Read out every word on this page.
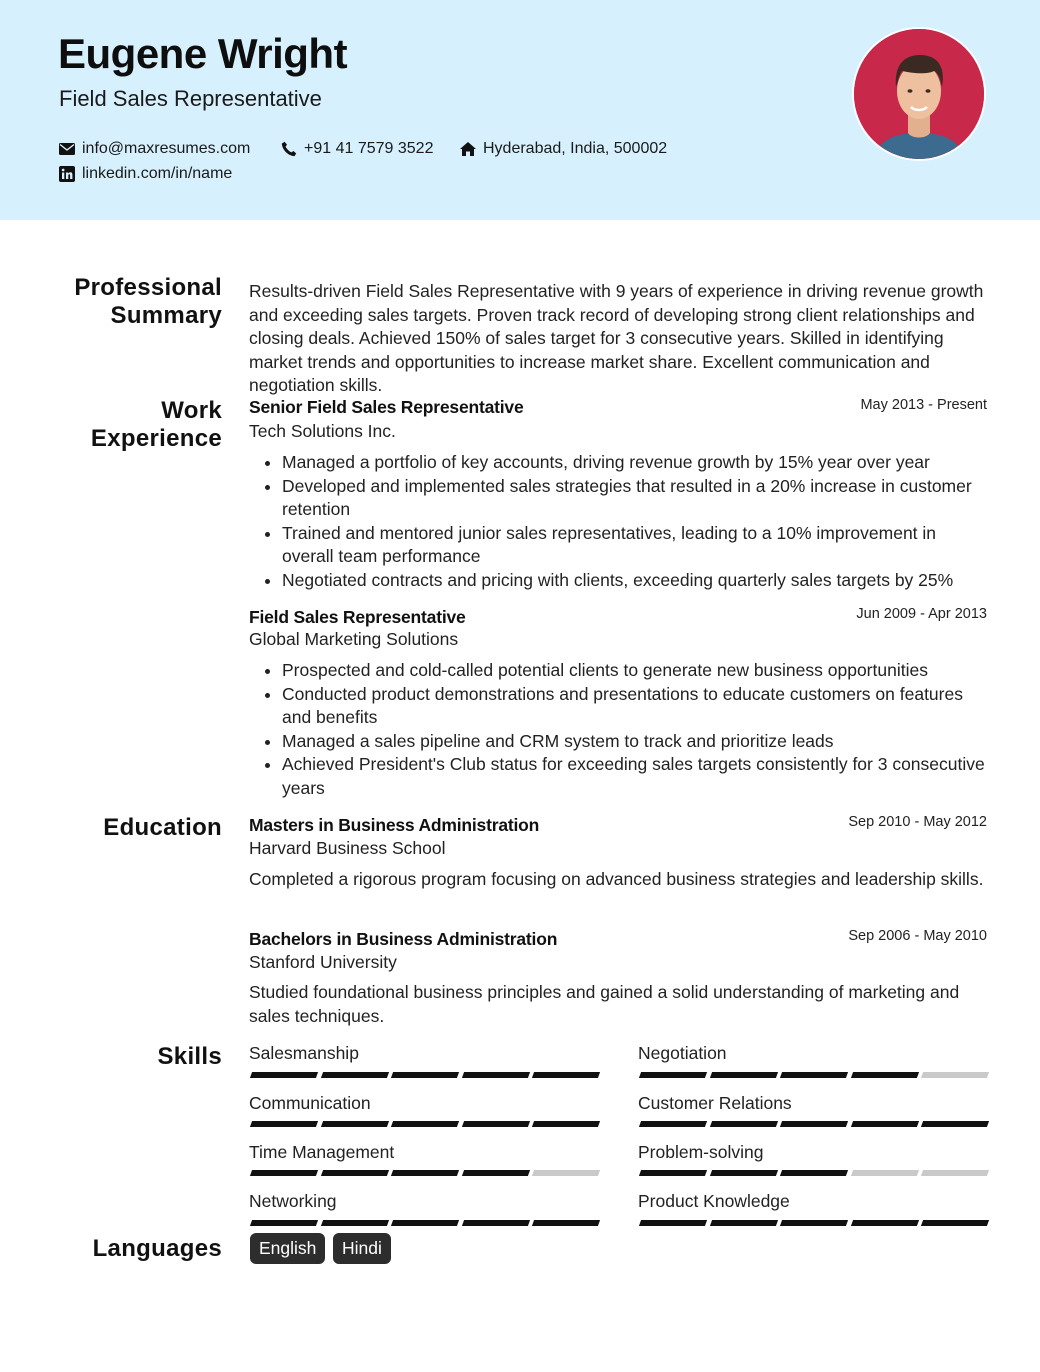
Eugene Wright
Field Sales Representative
info@maxresumes.com	+91 41 7579 3522	Hyderabad, India, 500002
linkedin.com/in/name
Professional Summary
Work Experience
Education
Skills
Languages
Results-driven Field Sales Representative with 9 years of experience in driving revenue growth and exceeding sales targets. Proven track record of developing strong client relationships and closing deals. Achieved 150% of sales target for 3 consecutive years. Skilled in identifying market trends and opportunities to increase market share. Excellent communication and negotiation skills.
Senior Field Sales Representative	May 2013 - Present
Tech Solutions Inc.
• Managed a portfolio of key accounts, driving revenue growth by 15% year over year
• Developed and implemented sales strategies that resulted in a 20% increase in customer retention
• Trained and mentored junior sales representatives, leading to a 10% improvement in overall team performance
• Negotiated contracts and pricing with clients, exceeding quarterly sales targets by 25%
Field Sales Representative	Jun 2009 - Apr 2013
Global Marketing Solutions
• Prospected and cold-called potential clients to generate new business opportunities
• Conducted product demonstrations and presentations to educate customers on features and benefits
• Managed a sales pipeline and CRM system to track and prioritize leads
• Achieved President's Club status for exceeding sales targets consistently for 3 consecutive years
Masters in Business Administration	Sep 2010 - May 2012
Harvard Business School
Completed a rigorous program focusing on advanced business strategies and leadership skills.
Bachelors in Business Administration	Sep 2006 - May 2010
Stanford University
Studied foundational business principles and gained a solid understanding of marketing and sales techniques.
Salesmanship	Negotiation
Communication	Customer Relations
Time Management	Problem-solving
Networking	Product Knowledge
English	Hindi
